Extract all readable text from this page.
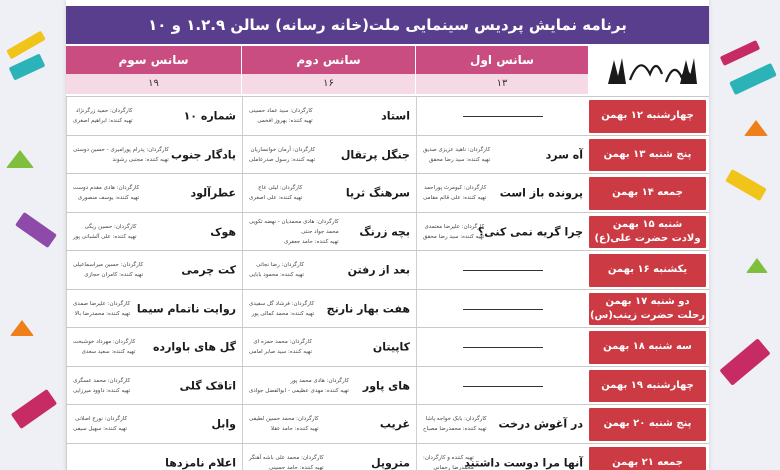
برنامه نمایش پردیس سینمایی ملت(خانه رسانه) سالن ۱.۲.۹ و ۱۰
سانس اول
سانس دوم
سانس سوم
۱۳
۱۶
۱۹
چهارشنبه ۱۲ بهمن
استاد
کارگردان: سید عماد حسینی
تهیه کننده: بهروز افخمی
شماره ۱۰
کارگردان: حمید زرگرنژاد
تهیه کننده: ابراهیم اصغری
پنج شنبه ۱۳ بهمن
آه سرد
کارگردان: ناهید عزیزی صدیق
تهیه کننده: سید رضا محقق
جنگل پرتقال
کارگردان: آرمان خوانساریان
تهیه کننده: رسول صدرعاملی
یادگار جنوب
کارگردان: پدرام پورامیری - حسین دوستی
تهیه کننده: مجتبی رشوند
جمعه ۱۴ بهمن
پرونده باز است
کارگردان: کیومرث پوراحمد
تهیه کننده: علی قائم مقامی
سرهنگ ثریا
کارگردان: لیلی عاج
تهیه کننده: علی اصغری
عطرآلود
کارگردان: هادی مقدم دوست
تهیه کننده: یوسف منصوری
شنبه ۱۵ بهمن
ولادت حضرت علی(ع)
چرا گریه نمی کنی؟
کارگردان: علیرضا معتمدی
تهیه کننده: سید رضا محقق
بچه زرنگ
کارگردان: هادی محمدیان - نهضه تکویی
محمد جواد جنتی
تهیه کننده: حامد جعفری
هوک
کارگردان: حسین ریگی
تهیه کننده: علی آلشبانی پور
یکشنبه ۱۶ بهمن
بعد از رفتن
کارگردان: رضا نجاتی
تهیه کننده: محمود بابایی
کت چرمی
کارگردان: حسین میراسماعیلی
تهیه کننده: کامران حجازی
دو شنبه ۱۷ بهمن
رحلت حضرت زینب(س)
هفت بهار نارنج
کارگردان: فرشاد گل سفیدی
تهیه کننده: محمد کمالی پور
روایت ناتمام سیما
کارگردان: علیرضا صمدی
تهیه کننده: محمدرضا بالا
سه شنبه ۱۸ بهمن
کاپیتان
کارگردان: محمد حمزه ای
تهیه کننده: سید صابر امامی
گل های باوارده
کارگردان: مهرداد خوشبخت
تهیه کننده: سعید سعدی
چهارشنبه ۱۹ بهمن
های پاور
کارگردان: هادی محمد پور
تهیه کننده: مهدی عظیمی - ابوالفضل جوادی
اتاقک گلی
کارگردان: محمد عسگری
تهیه کننده: داوود میرزایی
پنج شنبه ۲۰ بهمن
در آغوش درخت
کارگردان: بابک خواجه پاشا
تهیه کننده: محمدرضا مصباح
غریب
کارگردان: محمد حسین لطیفی
تهیه کننده: حامد عقلا
وابل
کارگردان: نورج اصلانی
تهیه کننده: سهیل سیفی
جمعه ۲۱ بهمن
آنها مرا دوست داشتند
تهیه کننده و کارگردان:
محمدرضا رحمانی
متروپل
کارگردان: محمد علی باشه آهنگر
تهیه کننده: حامد حسینی
اعلام نامزدها
